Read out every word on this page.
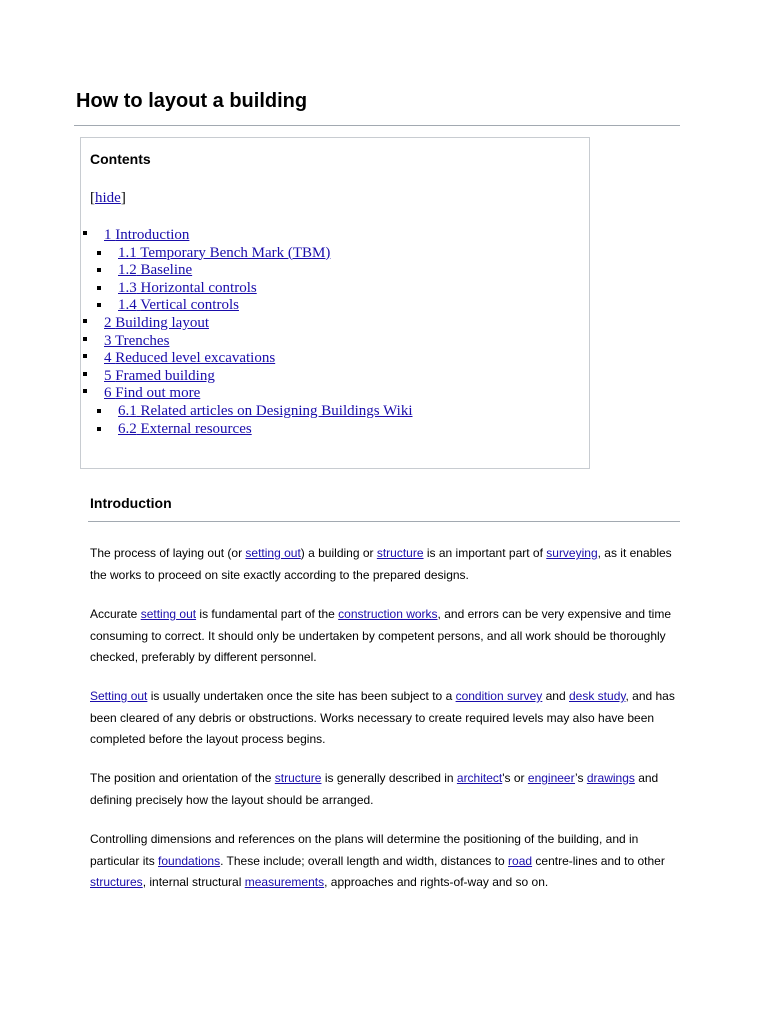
How to layout a building
Contents
[hide]
1 Introduction
1.1 Temporary Bench Mark (TBM)
1.2 Baseline
1.3 Horizontal controls
1.4 Vertical controls
2 Building layout
3 Trenches
4 Reduced level excavations
5 Framed building
6 Find out more
6.1 Related articles on Designing Buildings Wiki
6.2 External resources
Introduction

The process of laying out (or setting out) a building or structure is an important part of surveying, as it enables the works to proceed on site exactly according to the prepared designs.

Accurate setting out is fundamental part of the construction works, and errors can be very expensive and time consuming to correct. It should only be undertaken by competent persons, and all work should be thoroughly checked, preferably by different personnel.

Setting out is usually undertaken once the site has been subject to a condition survey and desk study, and has been cleared of any debris or obstructions. Works necessary to create required levels may also have been completed before the layout process begins.

The position and orientation of the structure is generally described in architect's or engineer’s drawings and defining precisely how the layout should be arranged.

Controlling dimensions and references on the plans will determine the positioning of the building, and in particular its foundations. These include; overall length and width, distances to road centre-lines and to other structures, internal structural measurements, approaches and rights-of-way and so on.
